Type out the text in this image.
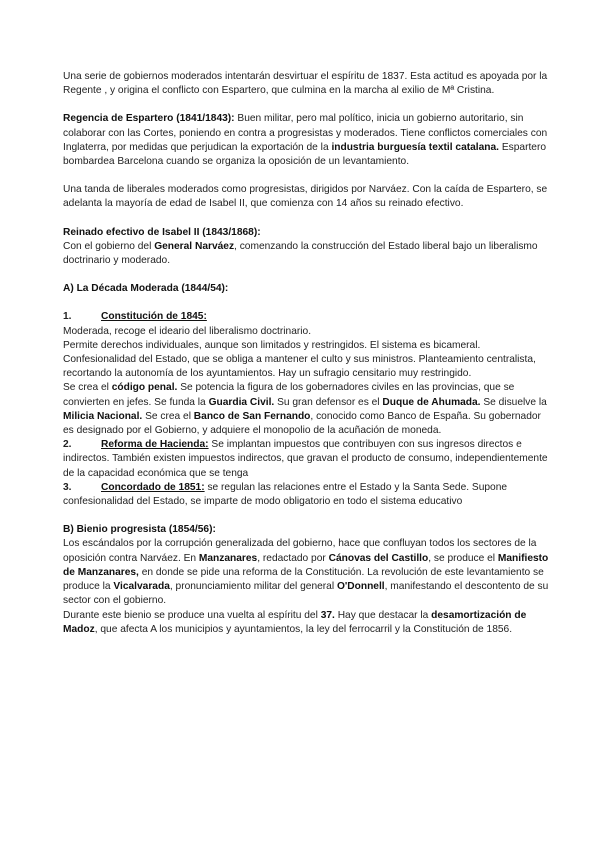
Una serie de gobiernos moderados intentarán desvirtuar el espíritu de 1837. Esta actitud es apoyada por la Regente , y origina el conflicto con Espartero, que culmina en la marcha al exilio de Mª Cristina.

Regencia de Espartero (1841/1843): Buen militar, pero mal político, inicia un gobierno autoritario, sin colaborar con las Cortes, poniendo en contra a progresistas y moderados. Tiene conflictos comerciales con Inglaterra, por medidas que perjudican la exportación de la industria burguesía textil catalana. Espartero bombardea Barcelona cuando se organiza la oposición de un levantamiento.

Una tanda de liberales moderados como progresistas, dirigidos por Narváez. Con la caída de Espartero, se adelanta la mayoría de edad de Isabel II, que comienza con 14 años su reinado efectivo.

Reinado efectivo de Isabel II (1843/1868):

Con el gobierno del General Narváez, comenzando la construcción del Estado liberal bajo un liberalismo doctrinario y moderado.

A) La Década Moderada (1844/54):

1.	Constitución de 1845:

Moderada, recoge el ideario del liberalismo doctrinario.

Permite derechos individuales, aunque son limitados y restringidos. El sistema es bicameral. Confesionalidad del Estado, que se obliga a mantener el culto y sus ministros. Planteamiento centralista, recortando la autonomía de los ayuntamientos. Hay un sufragio censitario muy restringido.

Se crea el código penal. Se potencia la figura de los gobernadores civiles en las provincias, que se convierten en jefes. Se funda la Guardia Civil. Su gran defensor es el Duque de Ahumada. Se disuelve la Milicia Nacional. Se crea el Banco de San Fernando, conocido como Banco de España. Su gobernador es designado por el Gobierno, y adquiere el monopolio de la acuñación de moneda.

2.	Reforma de Hacienda: Se implantan impuestos que contribuyen con sus ingresos directos e indirectos. También existen impuestos indirectos, que gravan el producto de consumo, independientemente de la capacidad económica que se tenga

3.	Concordado de 1851: se regulan las relaciones entre el Estado y la Santa Sede. Supone confesionalidad del Estado, se imparte de modo obligatorio en todo el sistema educativo

B) Bienio progresista (1854/56):

Los escándalos por la corrupción generalizada del gobierno, hace que confluyan todos los sectores de la oposición contra Narváez. En Manzanares, redactado por Cánovas del Castillo, se produce el Manifiesto de Manzanares, en donde se pide una reforma de la Constitución. La revolución de este levantamiento se produce la Vicalvarada, pronunciamiento militar del general O'Donnell, manifestando el descontento de su sector con el gobierno.

Durante este bienio se produce una vuelta al espíritu del 37. Hay que destacar la desamortización de Madoz, que afecta A los municipios y ayuntamientos, la ley del ferrocarril y la Constitución de 1856.
